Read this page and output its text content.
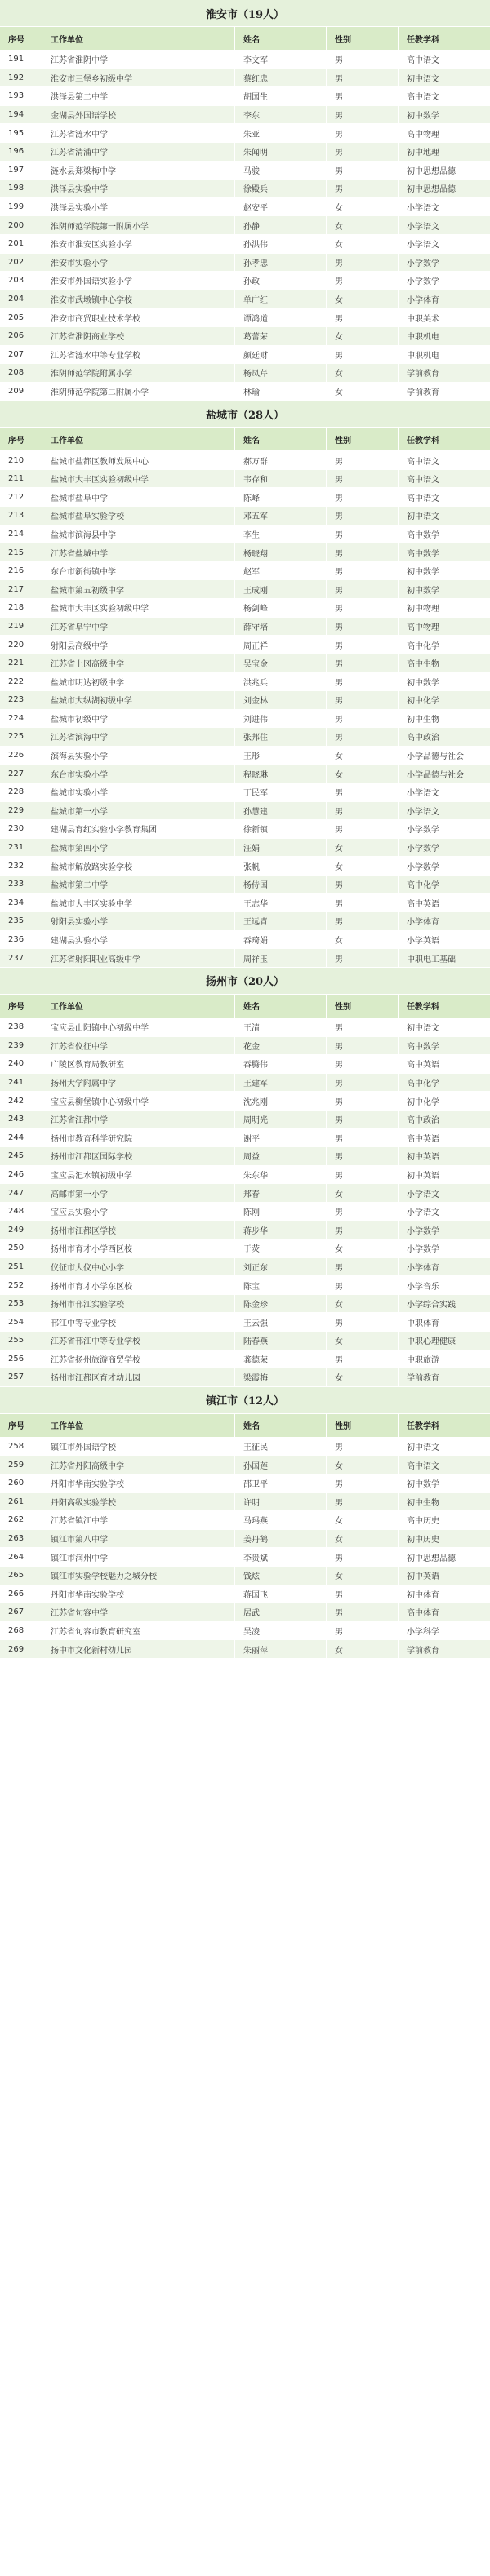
淮安市（19人）
序号	工作单位	姓名	性别	任教学科
191	江苏省淮阴中学	李文军	男	高中语文
192	淮安市三堡乡初级中学	蔡红忠	男	初中语文
193	洪泽县第二中学	胡国生	男	高中语文
194	金湖县外国语学校	李东	男	初中数学
195	江苏省涟水中学	朱亚	男	高中物理
196	江苏省清浦中学	朱闻明	男	初中地理
197	涟水县郑梁梅中学	马骏	男	初中思想品德
198	洪泽县实验中学	徐殿兵	男	初中思想品德
199	洪泽县实验小学	赵安平	女	小学语文
200	淮阴师范学院第一附属小学	孙静	女	小学语文
201	淮安市淮安区实验小学	孙洪伟	女	小学语文
202	淮安市实验小学	孙孝忠	男	小学数学
203	淮安市外国语实验小学	孙政	男	小学数学
204	淮安市武墩镇中心学校	单广红	女	小学体育
205	淮安市商贸职业技术学校	谭鸿道	男	中职美术
206	江苏省淮阴商业学校	葛蕾荣	女	中职机电
207	江苏省涟水中等专业学校	颜廷财	男	中职机电
208	淮阴师范学院附属小学	杨凤芹	女	学前教育
209	淮阴师范学院第二附属小学	林瑜	女	学前教育
盐城市（28人）
序号	工作单位	姓名	性别	任教学科
210	盐城市盐都区教师发展中心	郝万群	男	高中语文
211	盐城市大丰区实验初级中学	韦存和	男	高中语文
212	盐城市盐阜中学	陈峰	男	高中语文
213	盐城市盐阜实验学校	邓五军	男	初中语文
214	盐城市滨海县中学	李生	男	高中数学
215	江苏省盐城中学	杨晓翔	男	高中数学
216	东台市新街镇中学	赵军	男	初中数学
217	盐城市第五初级中学	王成刚	男	初中数学
218	盐城市大丰区实验初级中学	杨剑峰	男	初中物理
219	江苏省阜宁中学	薛守培	男	高中物理
220	射阳县高级中学	周正祥	男	高中化学
221	江苏省上冈高级中学	吴宝金	男	高中生物
222	盐城市明达初级中学	洪兆兵	男	初中数学
223	盐城市大纵湖初级中学	刘金林	男	初中化学
224	盐城市初级中学	刘进伟	男	初中生物
225	江苏省滨海中学	张邦住	男	高中政治
226	滨海县实验小学	王形	女	小学品德与社会
227	东台市实验小学	程晓琳	女	小学品德与社会
228	盐城市实验小学	丁民军	男	小学语文
229	盐城市第一小学	孙慧建	男	小学语文
230	建湖县育红实验小学教育集团	徐新镇	男	小学数学
231	盐城市第四小学	汪娟	女	小学数学
232	盐城市解放路实验学校	张帆	女	小学数学
233	盐城市第二中学	杨侍国	男	高中化学
234	盐城市大丰区实验中学	王志华	男	高中英语
235	射阳县实验小学	王远青	男	小学体育
236	建湖县实验小学	吞琦娟	女	小学英语
237	江苏省射阳职业高级中学	周祥玉	男	中职电工基础
扬州市（20人）
序号	工作单位	姓名	性别	任教学科
238	宝应县山阳镇中心初级中学	王清	男	初中语文
239	江苏省仪征中学	花金	男	高中数学
240	广陵区教育局教研室	吞腾伟	男	高中英语
241	扬州大学附属中学	王建军	男	高中化学
242	宝应县柳堡镇中心初级中学	沈兆刚	男	初中化学
243	江苏省江都中学	周明光	男	高中政治
244	扬州市教育科学研究院	谢平	男	高中英语
245	扬州市江都区国际学校	周益	男	初中英语
246	宝应县汜水镇初级中学	朱东华	男	初中英语
247	高邮市第一小学	郑春	女	小学语文
248	宝应县实验小学	陈刚	男	小学语文
249	扬州市江都区学校	蒋步华	男	小学数学
250	扬州市育才小学西区校	于荧	女	小学数学
251	仪征市大仪中心小学	刘正东	男	小学体育
252	扬州市育才小学东区校	陈宝	男	小学音乐
253	扬州市邗江实验学校	陈金珍	女	小学综合实践
254	邗江中等专业学校	王云强	男	中职体育
255	江苏省邗江中等专业学校	陆春燕	女	中职心理健康
256	江苏省扬州旅游商贸学校	龚德荣	男	中职旅游
257	扬州市江都区育才幼儿园	梁霞梅	女	学前教育
镇江市（12人）
序号	工作单位	姓名	性别	任教学科
258	镇江市外国语学校	王征民	男	初中语文
259	江苏省丹阳高级中学	孙国莲	女	高中语文
260	丹阳市华南实验学校	邵卫平	男	初中数学
261	丹阳高级实验学校	许明	男	初中生物
262	江苏省镇江中学	马玛燕	女	高中历史
263	镇江市第八中学	姜丹鹤	女	初中历史
264	镇江市润州中学	李贵斌	男	初中思想品德
265	镇江市实验学校魅力之城分校	钱炫	女	初中英语
266	丹阳市华南实验学校	蒋国飞	男	初中体育
267	江苏省句容中学	居武	男	高中体育
268	江苏省句容市教育研究室	吴凌	男	小学科学
269	扬中市文化新村幼儿园	朱丽萍	女	学前教育
